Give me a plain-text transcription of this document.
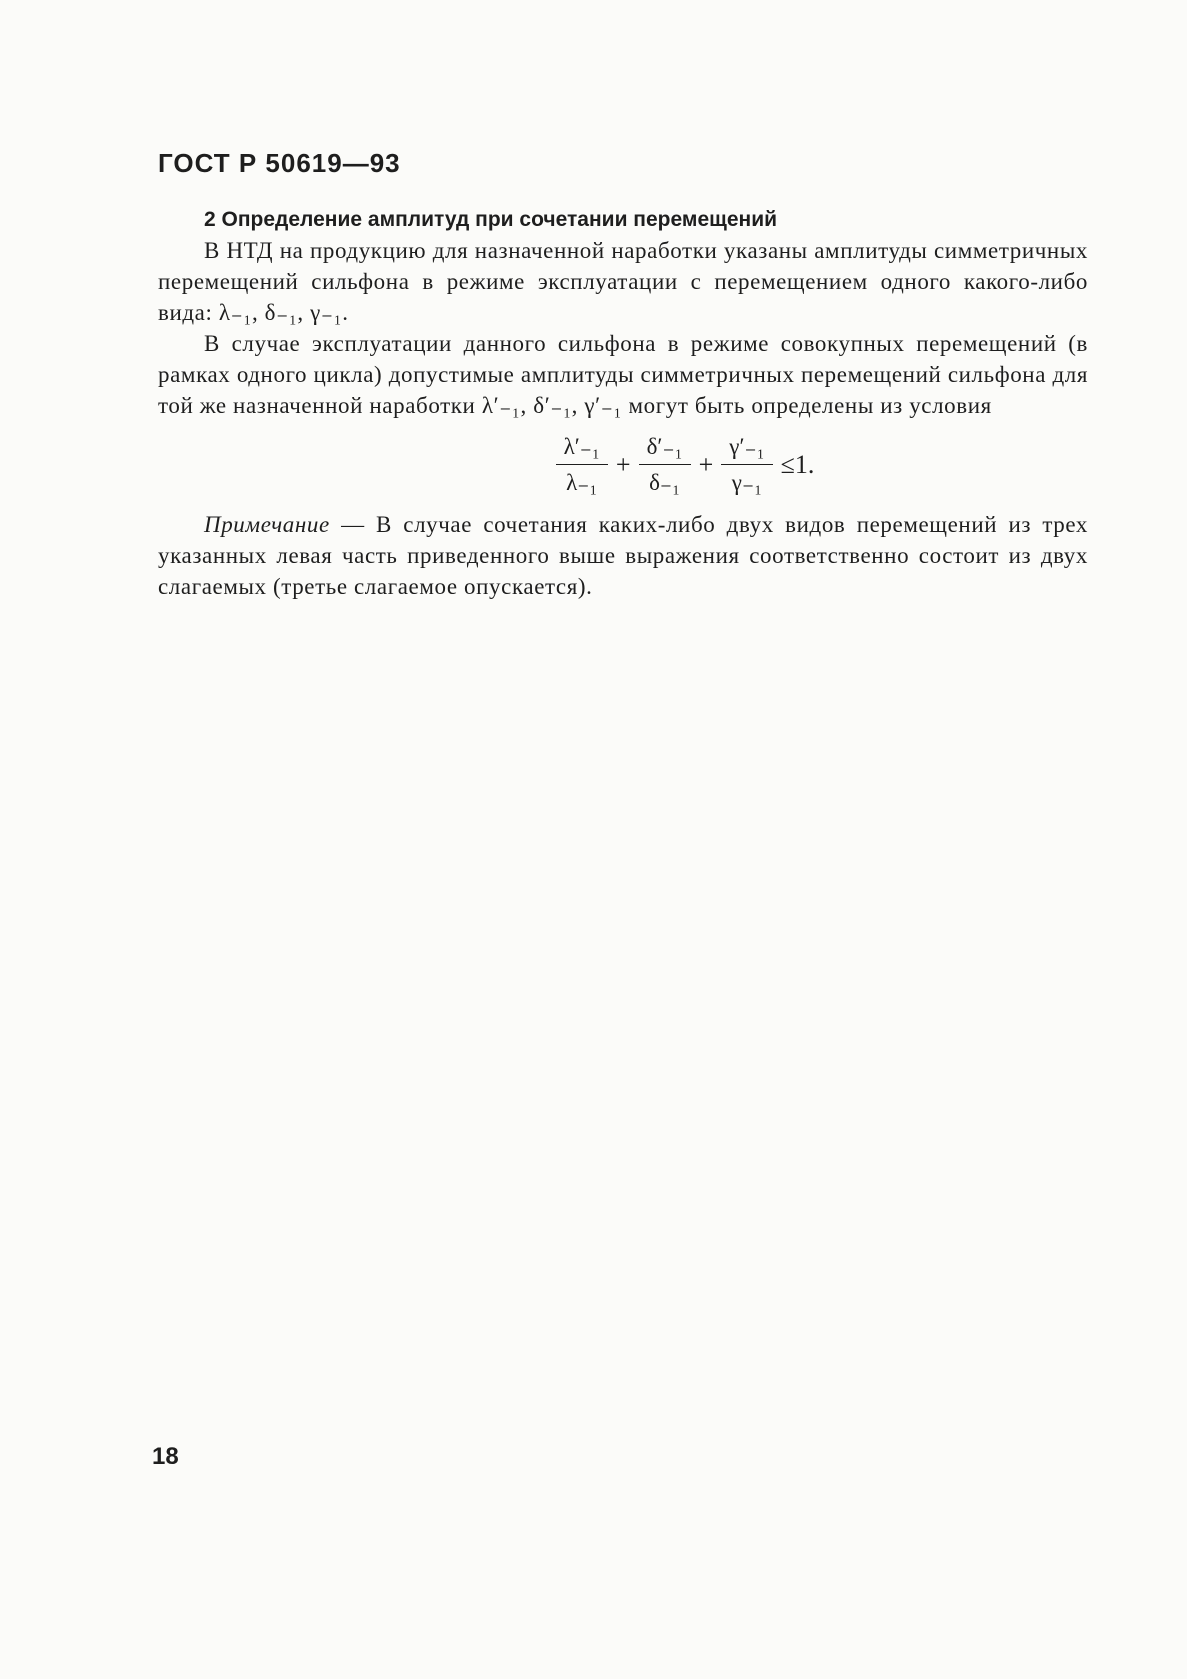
ГОСТ Р 50619—93

2 Определение амплитуд при сочетании перемещений

В НТД на продукцию для назначенной наработки указаны амплитуды симметричных перемещений сильфона в режиме эксплуатации с перемещением одного какого-либо вида: λ₋₁, δ₋₁, γ₋₁.

В случае эксплуатации данного сильфона в режиме совокупных перемещений (в рамках одного цикла) допустимые амплитуды симметричных перемещений сильфона для той же назначенной наработки λ′₋₁, δ′₋₁, γ′₋₁ могут быть определены из условия

$\frac{\text{λ′₋₁}}{\text{λ₋₁}} + \frac{\text{δ′₋₁}}{\text{δ₋₁}} + \frac{\text{γ′₋₁}}{\text{γ₋₁}} \le 1$.

Примечание — В случае сочетания каких-либо двух видов перемещений из трех указанных левая часть приведенного выше выражения соответственно состоит из двух слагаемых (третье слагаемое опускается).

18
